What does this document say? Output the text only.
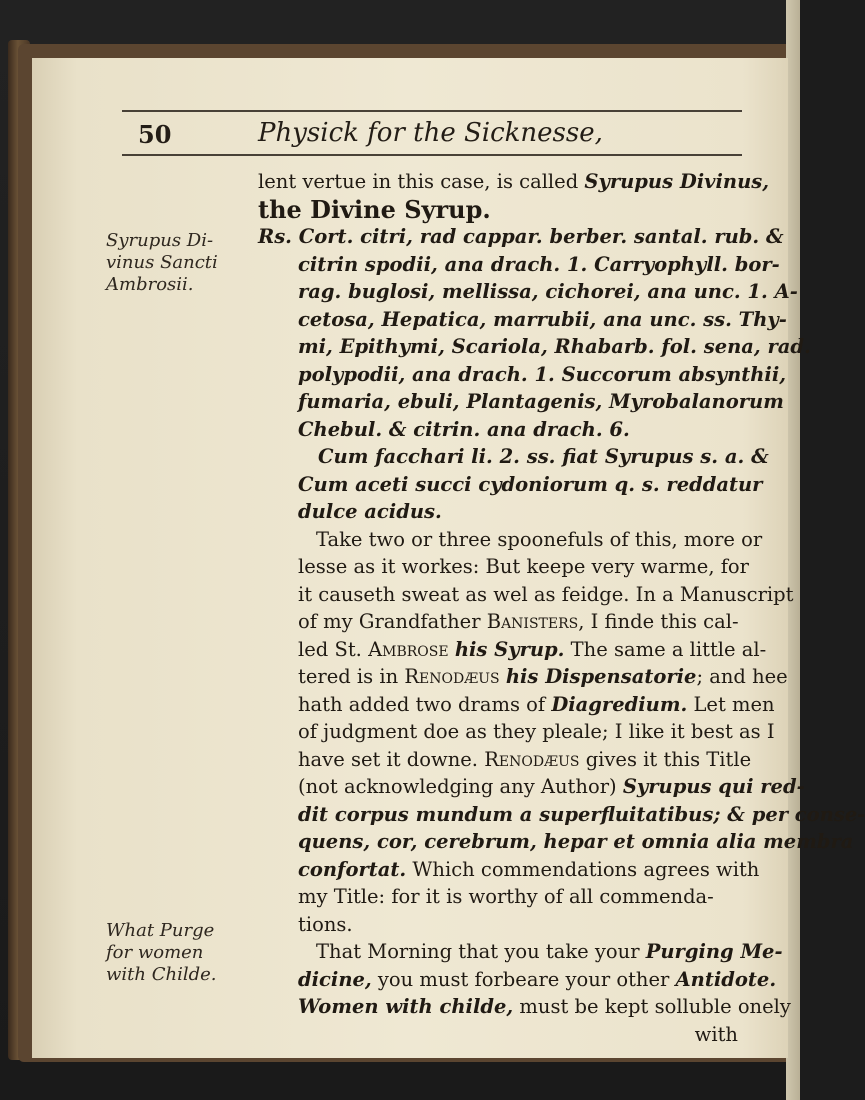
50	Physick for the Sicknesse,
Syrupus Di-
vinus Sancti
Ambrosii.
What Purge
for women
with Childe.
lent vertue in this case, is called Syrupus Divinus,
the Divine Syrup.
Rs. Cort. citri, rad cappar. berber. santal. rub. &
citrin spodii, ana drach. 1. Carryophyll. bor-
rag. buglosi, mellissa, cichorei, ana unc. 1. A-
cetosa, Hepatica, marrubii, ana unc. ss. Thy-
mi, Epithymi, Scariola, Rhabarb. fol. sena, rad.
polypodii, ana drach. 1. Succorum absynthii,
fumaria, ebuli, Plantagenis, Myrobalanorum
Chebul. & citrin. ana drach. 6.
Cum facchari li. 2. ss. fiat Syrupus s. a. &
Cum aceti succi cydoniorum q. s. reddatur
dulce acidus.
Take two or three spoonefuls of this, more or
lesse as it workes: But keepe very warme, for
it causeth sweat as wel as feidge. In a Manuscript
of my Grandfather Banisters, I finde this cal-
led St. Ambrose his Syrup. The same a little al-
tered is in Renodæus his Dispensatorie; and hee
hath added two drams of Diagredium. Let men
of judgment doe as they pleale; I like it best as I
have set it downe. Renodæus gives it this Title
(not acknowledging any Author) Syrupus qui red-
dit corpus mundum a superfluitatibus; & per conse-
quens, cor, cerebrum, hepar et omnia alia membra
confortat. Which commendations agrees with
my Title: for it is worthy of all commenda-
tions.
That Morning that you take your Purging Me-
dicine, you must forbeare your other Antidote.
Women with childe, must be kept solluble onely
with
